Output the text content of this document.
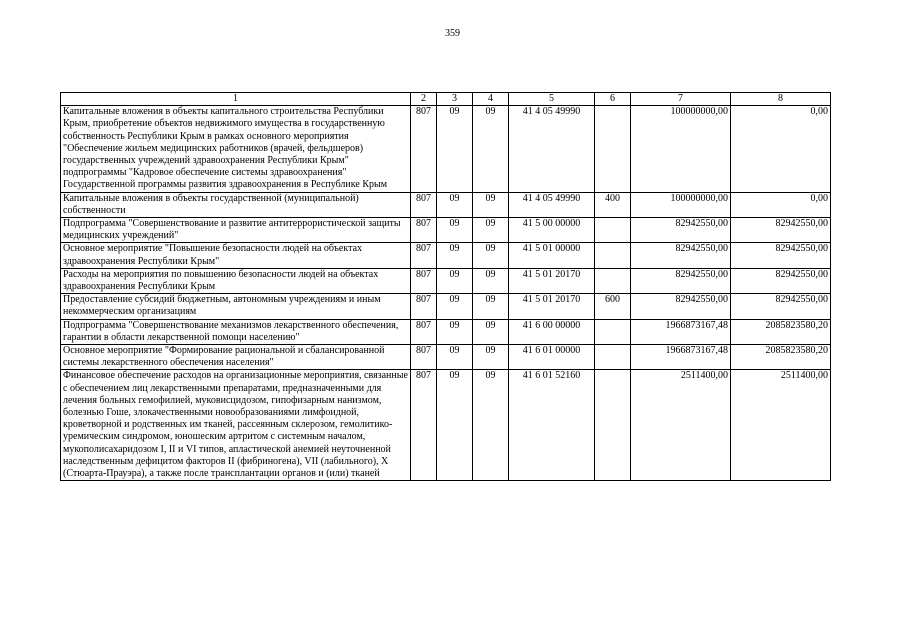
359
1	2	3	4	5	6	7	8
Капитальные вложения в объекты капитального строительства Республики Крым, приобретение объектов недвижимого имущества в государственную собственность Республики Крым в рамках основного мероприятия "Обеспечение жильем медицинских работников (врачей, фельдшеров) государственных учреждений здравоохранения Республики Крым" подпрограммы "Кадровое обеспечение системы здравоохранения" Государственной программы развития здравоохранения в Республике Крым	807	09	09	41 4 05 49990		100000000,00	0,00
Капитальные вложения в объекты государственной (муниципальной) собственности	807	09	09	41 4 05 49990	400	100000000,00	0,00
Подпрограмма "Совершенствование и развитие антитеррористической защиты медицинских учреждений"	807	09	09	41 5 00 00000		82942550,00	82942550,00
Основное мероприятие "Повышение безопасности людей на объектах здравоохранения Республики Крым"	807	09	09	41 5 01 00000		82942550,00	82942550,00
Расходы на мероприятия по повышению безопасности людей на объектах здравоохранения Республики Крым	807	09	09	41 5 01 20170		82942550,00	82942550,00
Предоставление субсидий бюджетным, автономным учреждениям и иным некоммерческим организациям	807	09	09	41 5 01 20170	600	82942550,00	82942550,00
Подпрограмма "Совершенствование механизмов лекарственного обеспечения, гарантии в области лекарственной помощи населению"	807	09	09	41 6 00 00000		1966873167,48	2085823580,20
Основное мероприятие "Формирование рациональной и сбалансированной системы лекарственного обеспечения населения"	807	09	09	41 6 01 00000		1966873167,48	2085823580,20
Финансовое обеспечение расходов на организационные мероприятия, связанные с обеспечением лиц лекарственными препаратами, предназначенными для лечения больных гемофилией, муковисцидозом, гипофизарным нанизмом, болезнью Гоше, злокачественными новообразованиями лимфоидной, кроветворной и родственных им тканей, рассеянным склерозом, гемолитико-уремическим синдромом, юношеским артритом с системным началом, мукополисахаридозом I, II и VI типов, апластической анемией неуточненной наследственным дефицитом факторов II (фибриногена), VII (лабильного), X (Стюарта-Прауэра), а также после трансплантации органов и (или) тканей	807	09	09	41 6 01 52160		2511400,00	2511400,00
